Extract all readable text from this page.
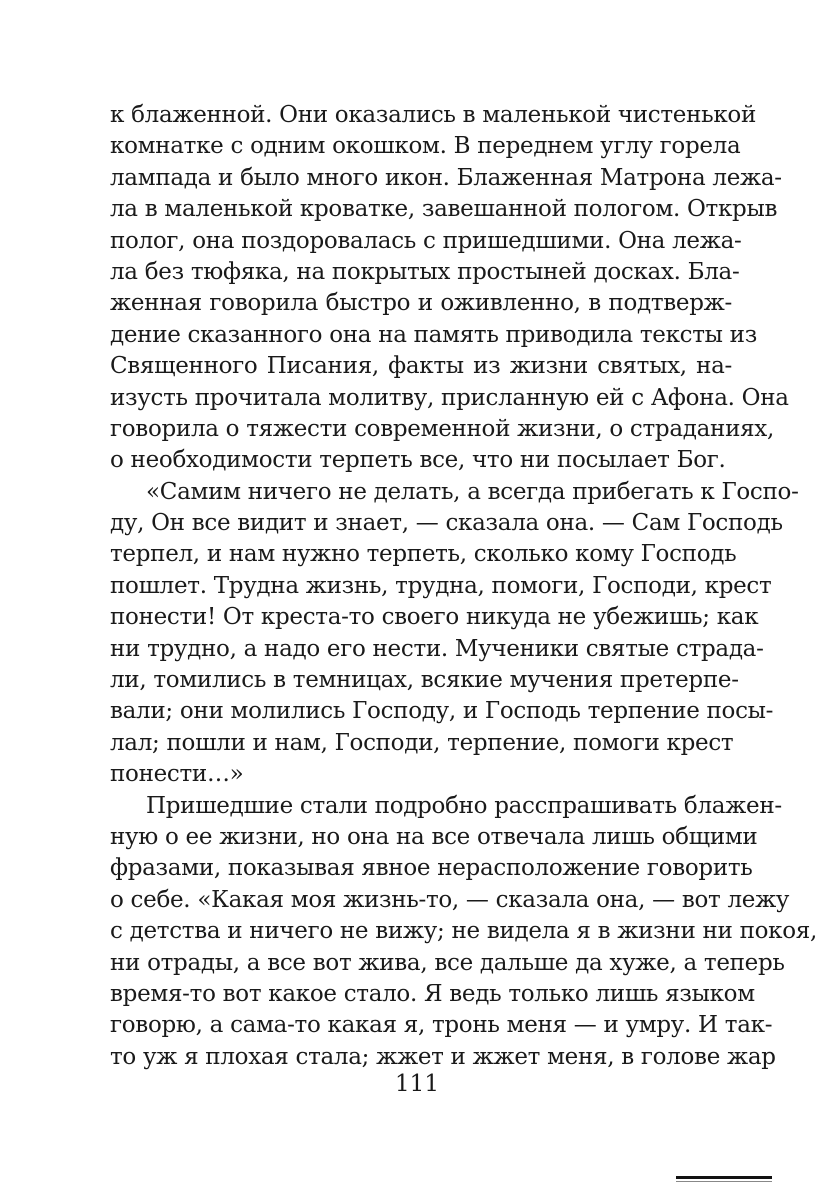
к блаженной. Они оказались в маленькой чистенькой
комнатке с одним окошком. В переднем углу горела
лампада и было много икон. Блаженная Матрона лежа-
ла в маленькой кроватке, завешанной пологом. Открыв
полог, она поздоровалась с пришедшими. Она лежа-
ла без тюфяка, на покрытых простыней досках. Бла-
женная говорила быстро и оживленно, в подтверж-
дение сказанного она на память приводила тексты из
Священного Писания, факты из жизни святых, на-
изусть прочитала молитву, присланную ей с Афона. Она
говорила о тяжести современной жизни, о страданиях,
о необходимости терпеть все, что ни посылает Бог.
«Самим ничего не делать, а всегда прибегать к Госпо-
ду, Он все видит и знает, — сказала она. — Сам Господь
терпел, и нам нужно терпеть, сколько кому Господь
пошлет. Трудна жизнь, трудна, помоги, Господи, крест
понести! От креста-то своего никуда не убежишь; как
ни трудно, а надо его нести. Мученики святые страда-
ли, томились в темницах, всякие мучения претерпе-
вали; они молились Господу, и Господь терпение посы-
лал; пошли и нам, Господи, терпение, помоги крест
понести…»
Пришедшие стали подробно расспрашивать блажен-
ную о ее жизни, но она на все отвечала лишь общими
фразами, показывая явное нерасположение говорить
о себе. «Какая моя жизнь-то, — сказала она, — вот лежу
с детства и ничего не вижу; не видела я в жизни ни покоя,
ни отрады, а все вот жива, все дальше да хуже, а теперь
время-то вот какое стало. Я ведь только лишь языком
говорю, а сама-то какая я, тронь меня — и умру. И так-
то уж я плохая стала; жжет и жжет меня, в голове жар
111
